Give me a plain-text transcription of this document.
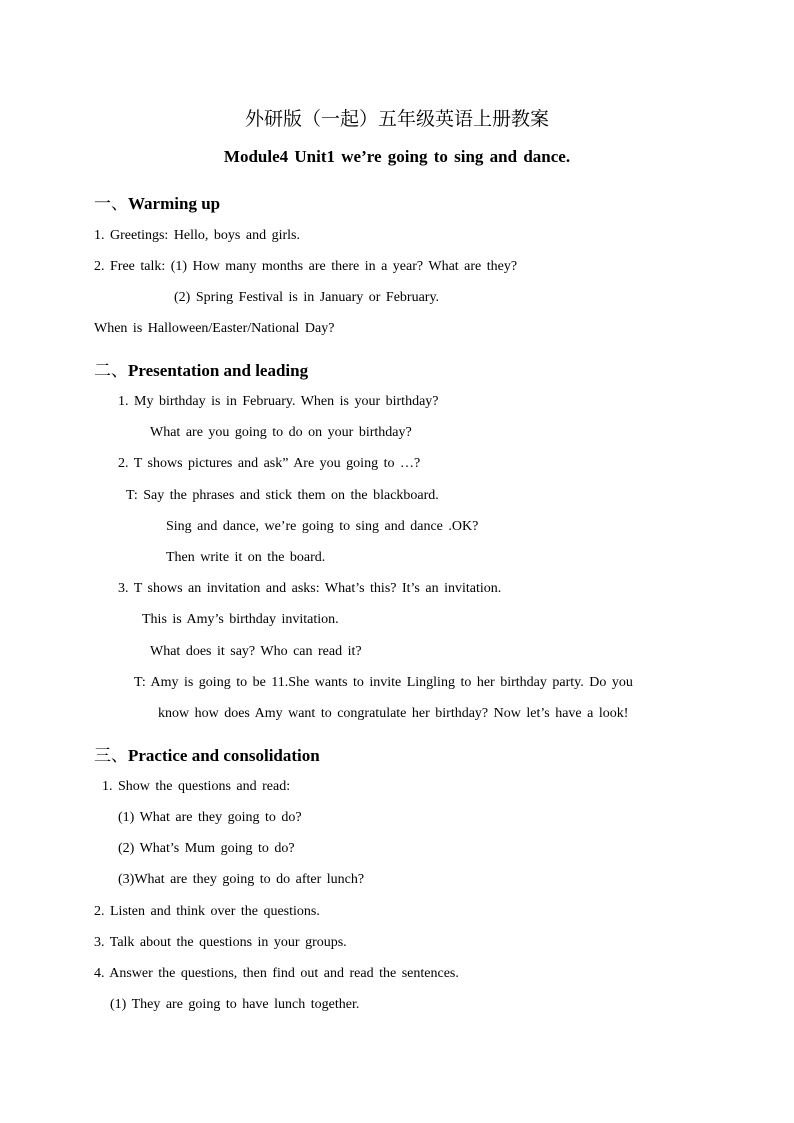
外研版（一起）五年级英语上册教案
Module4 Unit1 we’re going to sing and dance.
一、Warming up
1. Greetings: Hello, boys and girls.
2. Free talk: (1) How many months are there in a year? What are they?
(2) Spring Festival is in January or February.
When is Halloween/Easter/National Day?
二、Presentation and leading
1. My birthday is in February. When is your birthday?
What are you going to do on your birthday?
2. T shows pictures and ask” Are you going to …?
T: Say the phrases and stick them on the blackboard.
Sing and dance, we’re going to sing and dance .OK?
Then write it on the board.
3. T shows an invitation and asks: What’s this? It’s an invitation.
This is Amy’s birthday invitation.
What does it say? Who can read it?
T: Amy is going to be 11.She wants to invite Lingling to her birthday party. Do you
know how does Amy want to congratulate her birthday? Now let’s have a look!
三、Practice and consolidation
1. Show the questions and read:
(1) What are they going to do?
(2) What’s Mum going to do?
(3)What are they going to do after lunch?
2. Listen and think over the questions.
3. Talk about the questions in your groups.
4. Answer the questions, then find out and read the sentences.
(1) They are going to have lunch together.
